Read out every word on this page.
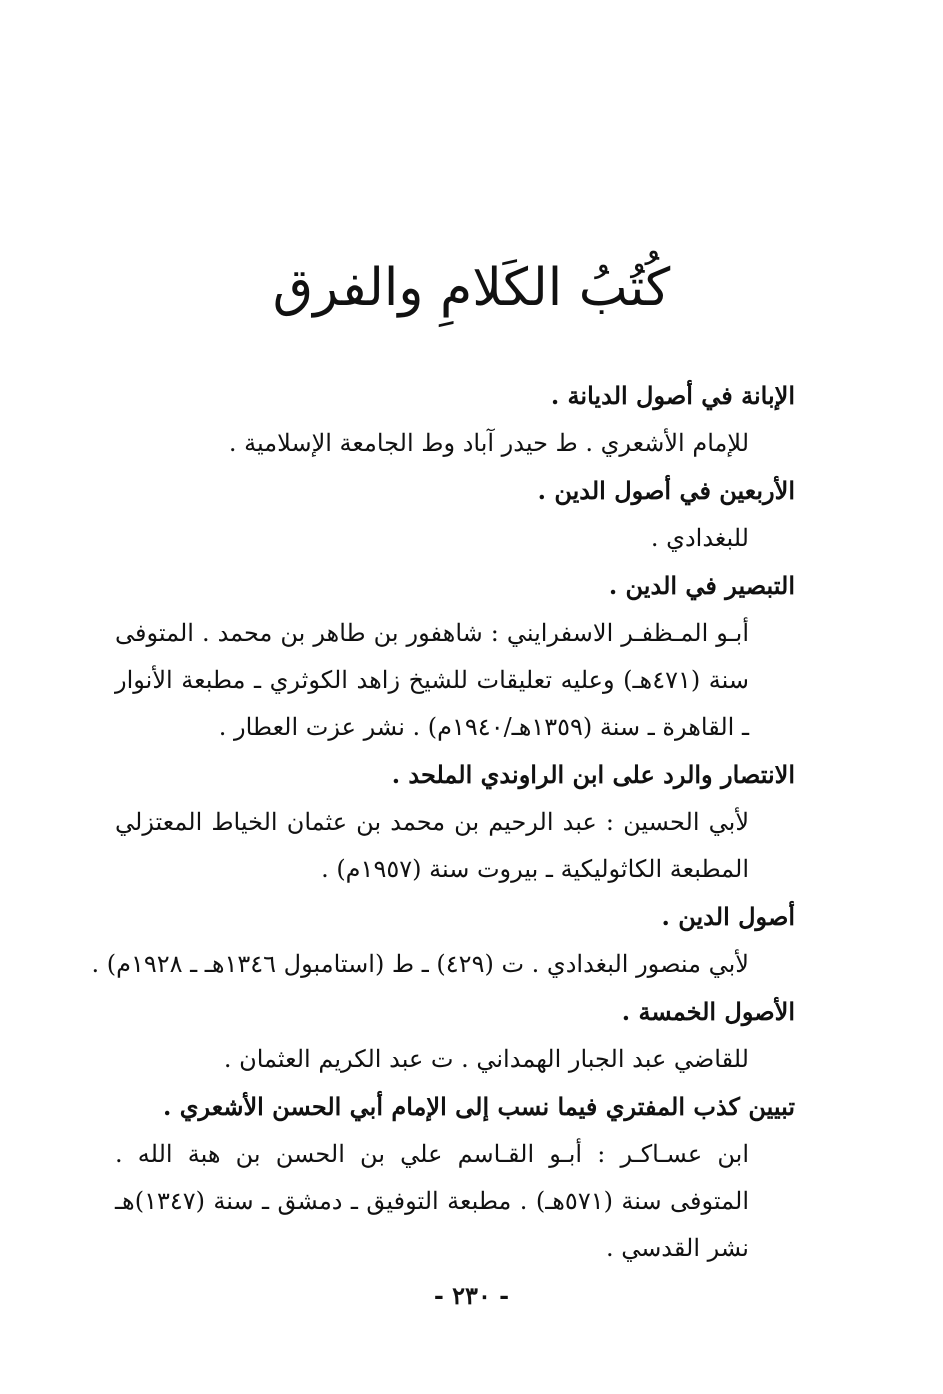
كُتُبُ الكَلامِ والفرق

الإبانة في أصول الديانة .

للإمام الأشعري . ط حيدر آباد وط الجامعة الإسلامية .

الأربعين في أصول الدين .

للبغدادي .

التبصير في الدين .

أبـو المـظفـر الاسفرايني : شاهفور بن طاهر بن محمد . المتوفى سنة (٤٧١هـ) وعليه تعليقات للشيخ زاهد الكوثري ـ مطبعة الأنوار ـ القاهرة ـ سنة (١٣٥٩هـ/١٩٤٠م) . نشر عزت العطار .

الانتصار والرد على ابن الراوندي الملحد .

لأبي الحسين : عبد الرحيم بن محمد بن عثمان الخياط المعتزلي المطبعة الكاثوليكية ـ بيروت سنة (١٩٥٧م) .

أصول الدين .

لأبي منصور البغدادي . ت (٤٢٩) ـ ط (استامبول ١٣٤٦هـ ـ ١٩٢٨م) .

الأصول الخمسة .

للقاضي عبد الجبار الهمداني . ت عبد الكريم العثمان .

تبيين كذب المفتري فيما نسب إلى الإمام أبي الحسن الأشعري .

ابن عسـاكـر : أبـو القـاسم علي بن الحسن بن هبة الله . المتوفى سنة (٥٧١هـ) . مطبعة التوفيق ـ دمشق ـ سنة (١٣٤٧)هـ نشر القدسي .

- ٢٣٠ -
